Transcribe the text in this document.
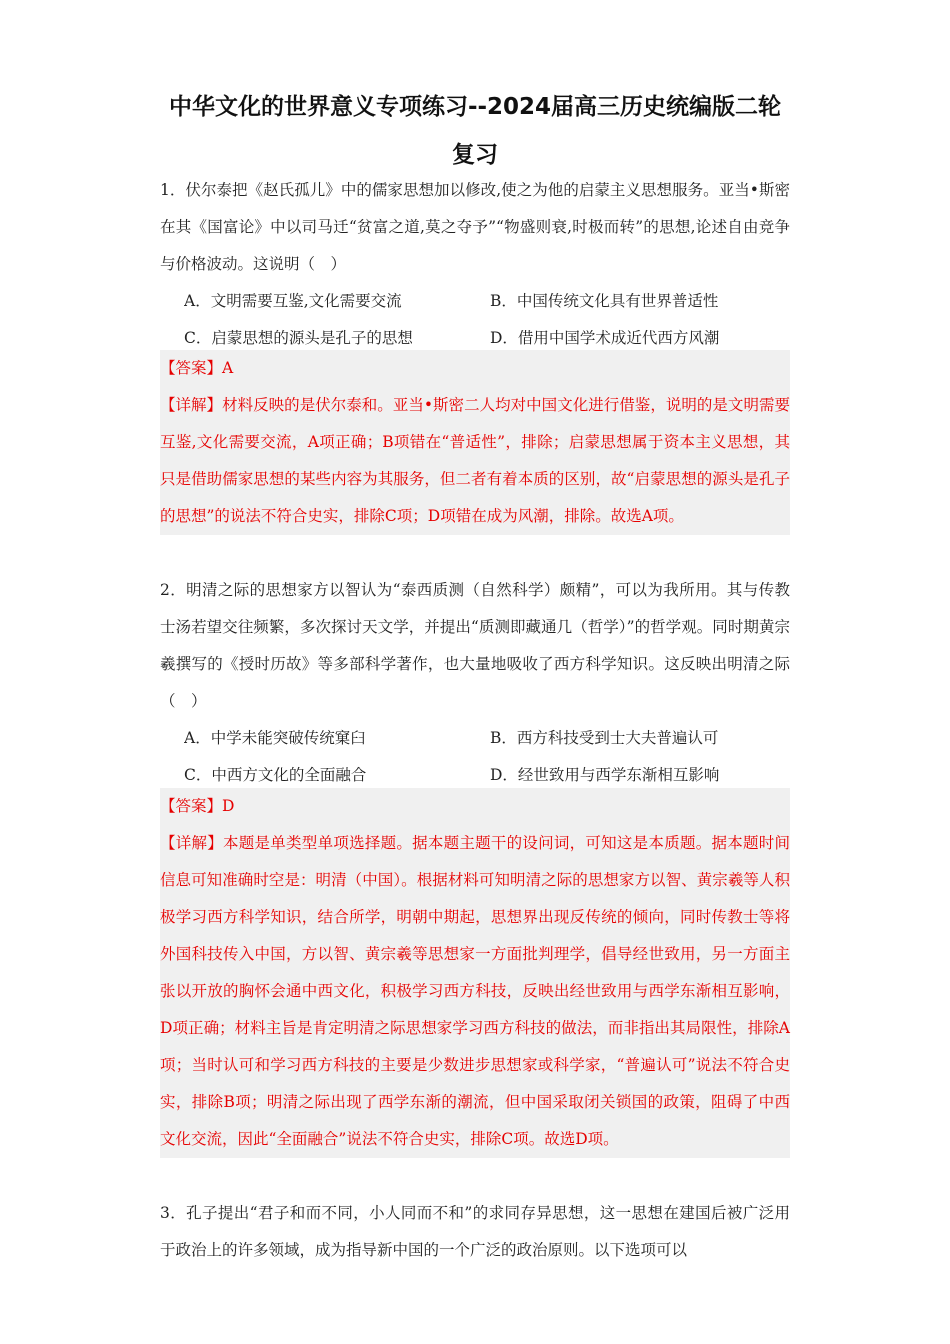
中华文化的世界意义专项练习--2024届高三历史统编版二轮
复习
1．伏尔泰把《赵氏孤儿》中的儒家思想加以修改,使之为他的启蒙主义思想服务。亚当•斯密在其《国富论》中以司马迁“贫富之道,莫之夺予”“物盛则衰,时极而转”的思想,论述自由竞争与价格波动。这说明（　）
A．文明需要互鉴,文化需要交流	B．中国传统文化具有世界普适性
C．启蒙思想的源头是孔子的思想	D．借用中国学术成近代西方风潮
【答案】A
【详解】材料反映的是伏尔泰和。亚当•斯密二人均对中国文化进行借鉴，说明的是文明需要互鉴,文化需要交流，A项正确；B项错在“普适性”，排除；启蒙思想属于资本主义思想，其只是借助儒家思想的某些内容为其服务，但二者有着本质的区别，故“启蒙思想的源头是孔子的思想”的说法不符合史实，排除C项；D项错在成为风潮，排除。故选A项。
2．明清之际的思想家方以智认为“泰西质测（自然科学）颇精”，可以为我所用。其与传教士汤若望交往频繁，多次探讨天文学，并提出“质测即藏通几（哲学）”的哲学观。同时期黄宗羲撰写的《授时历故》等多部科学著作，也大量地吸收了西方科学知识。这反映出明清之际（　）
A．中学未能突破传统窠臼	B．西方科技受到士大夫普遍认可
C．中西方文化的全面融合	D．经世致用与西学东渐相互影响
【答案】D
【详解】本题是单类型单项选择题。据本题主题干的设问词，可知这是本质题。据本题时间信息可知准确时空是：明清（中国）。根据材料可知明清之际的思想家方以智、黄宗羲等人积极学习西方科学知识，结合所学，明朝中期起，思想界出现反传统的倾向，同时传教士等将外国科技传入中国，方以智、黄宗羲等思想家一方面批判理学，倡导经世致用，另一方面主张以开放的胸怀会通中西文化，积极学习西方科技，反映出经世致用与西学东渐相互影响，D项正确；材料主旨是肯定明清之际思想家学习西方科技的做法，而非指出其局限性，排除A项；当时认可和学习西方科技的主要是少数进步思想家或科学家，“普遍认可”说法不符合史实，排除B项；明清之际出现了西学东渐的潮流，但中国采取闭关锁国的政策，阻碍了中西文化交流，因此“全面融合”说法不符合史实，排除C项。故选D项。
3．孔子提出“君子和而不同，小人同而不和”的求同存异思想，这一思想在建国后被广泛用于政治上的许多领域，成为指导新中国的一个广泛的政治原则。以下选项可以
